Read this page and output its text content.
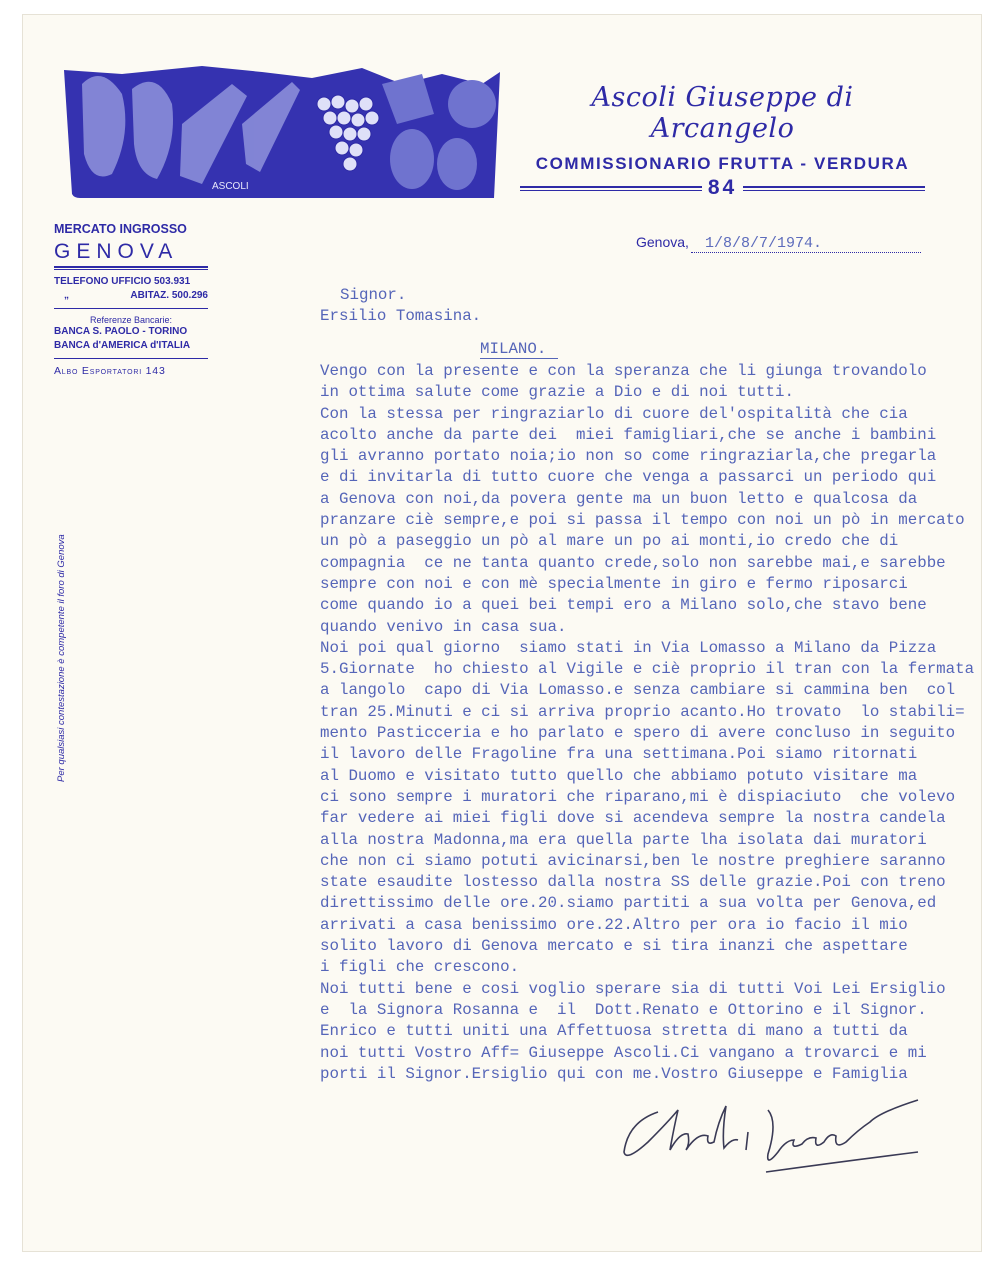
ASCOLI
Ascoli Giuseppe di Arcangelo
COMMISSIONARIO FRUTTA - VERDURA
84
MERCATO INGROSSO
GENOVA
TELEFONO UFFICIO 503.931
„	ABITAZ. 500.296
Referenze Bancarie:
BANCA S. PAOLO - TORINO
BANCA d'AMERICA d'ITALIA
Albo Esportatori 143
Per qualsiasi contestazione è competente il foro di Genova
Genova,	1/8/8/7/1974.
Signor.
Ersilio Tomasina.
MILANO.
Vengo con la presente e con la speranza che li giunga trovandolo
in ottima salute come grazie a Dio e di noi tutti.
Con la stessa per ringraziarlo di cuore del'ospitalità che cia
acolto anche da parte dei  miei famigliari,che se anche i bambini
gli avranno portato noia;io non so come ringraziarla,che pregarla
e di invitarla di tutto cuore che venga a passarci un periodo qui
a Genova con noi,da povera gente ma un buon letto e qualcosa da
pranzare ciè sempre,e poi si passa il tempo con noi un pò in mercato
un pò a paseggio un pò al mare un po ai monti,io credo che di
compagnia  ce ne tanta quanto crede,solo non sarebbe mai,e sarebbe
sempre con noi e con mè specialmente in giro e fermo riposarci
come quando io a quei bei tempi ero a Milano solo,che stavo bene
quando venivo in casa sua.
Noi poi qual giorno  siamo stati in Via Lomasso a Milano da Pizza
5.Giornate  ho chiesto al Vigile e ciè proprio il tran con la fermata
a langolo  capo di Via Lomasso.e senza cambiare si cammina ben  col
tran 25.Minuti e ci si arriva proprio acanto.Ho trovato  lo stabili=
mento Pasticceria e ho parlato e spero di avere concluso in seguito
il lavoro delle Fragoline fra una settimana.Poi siamo ritornati
al Duomo e visitato tutto quello che abbiamo potuto visitare ma
ci sono sempre i muratori che riparano,mi è dispiaciuto  che volevo
far vedere ai miei figli dove si acendeva sempre la nostra candela
alla nostra Madonna,ma era quella parte lha isolata dai muratori
che non ci siamo potuti avicinarsi,ben le nostre preghiere saranno
state esaudite lostesso dalla nostra SS delle grazie.Poi con treno
direttissimo delle ore.20.siamo partiti a sua volta per Genova,ed
arrivati a casa benissimo ore.22.Altro per ora io facio il mio
solito lavoro di Genova mercato e si tira inanzi che aspettare
i figli che crescono.
Noi tutti bene e cosi voglio sperare sia di tutti Voi Lei Ersiglio
e  la Signora Rosanna e  il  Dott.Renato e Ottorino e il Signor.
Enrico e tutti uniti una Affettuosa stretta di mano a tutti da
noi tutti Vostro Aff= Giuseppe Ascoli.Ci vangano a trovarci e mi
porti il Signor.Ersiglio qui con me.Vostro Giuseppe e Famiglia
